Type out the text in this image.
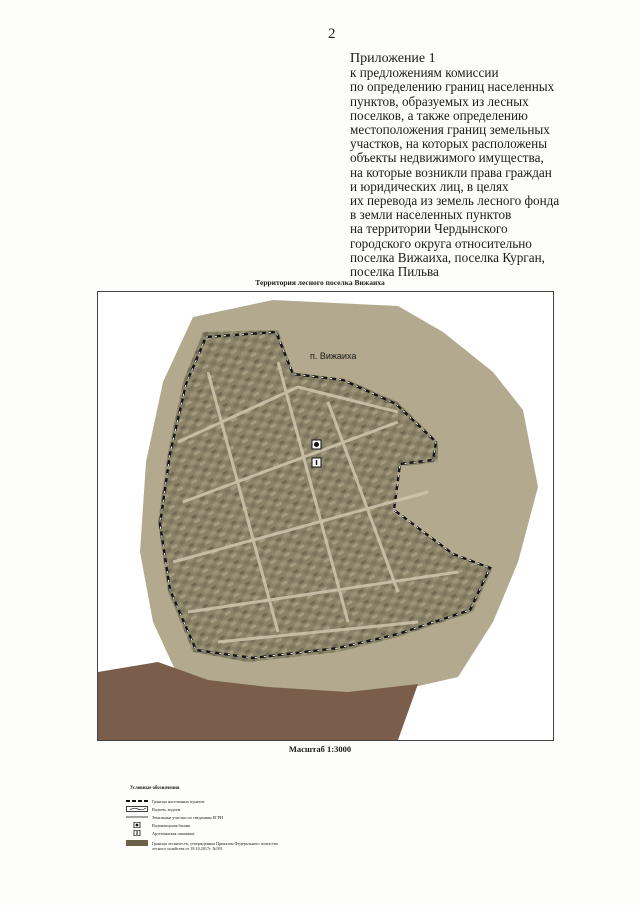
2
Приложение 1
к предложениям комиссии
по определению границ населенных
пунктов, образуемых из лесных
поселков, а также определению
местоположения границ земельных
участков, на которых расположены
объекты недвижимого имущества,
на которые возникли права граждан
и юридических лиц, в целях
их перевода из земель лесного фонда
в земли населенных пунктов
на территории Чердынского
городского округа относительно
поселка Вижаиха, поселка Курган,
поселка Пильва
Территория лесного поселка Вижаиха
п. Вижаиха
Масштаб 1:3000
Условные обозначения
Граница населенных пунктов
Водоем, водоем
Земельные участки по сведениям ЕГРН
Водонапорная башня
Артезианская скважина
Граница лесничеств, утвержденная Приказом Федерального агентства лесного хозяйства от 18.10.2017г. №591
